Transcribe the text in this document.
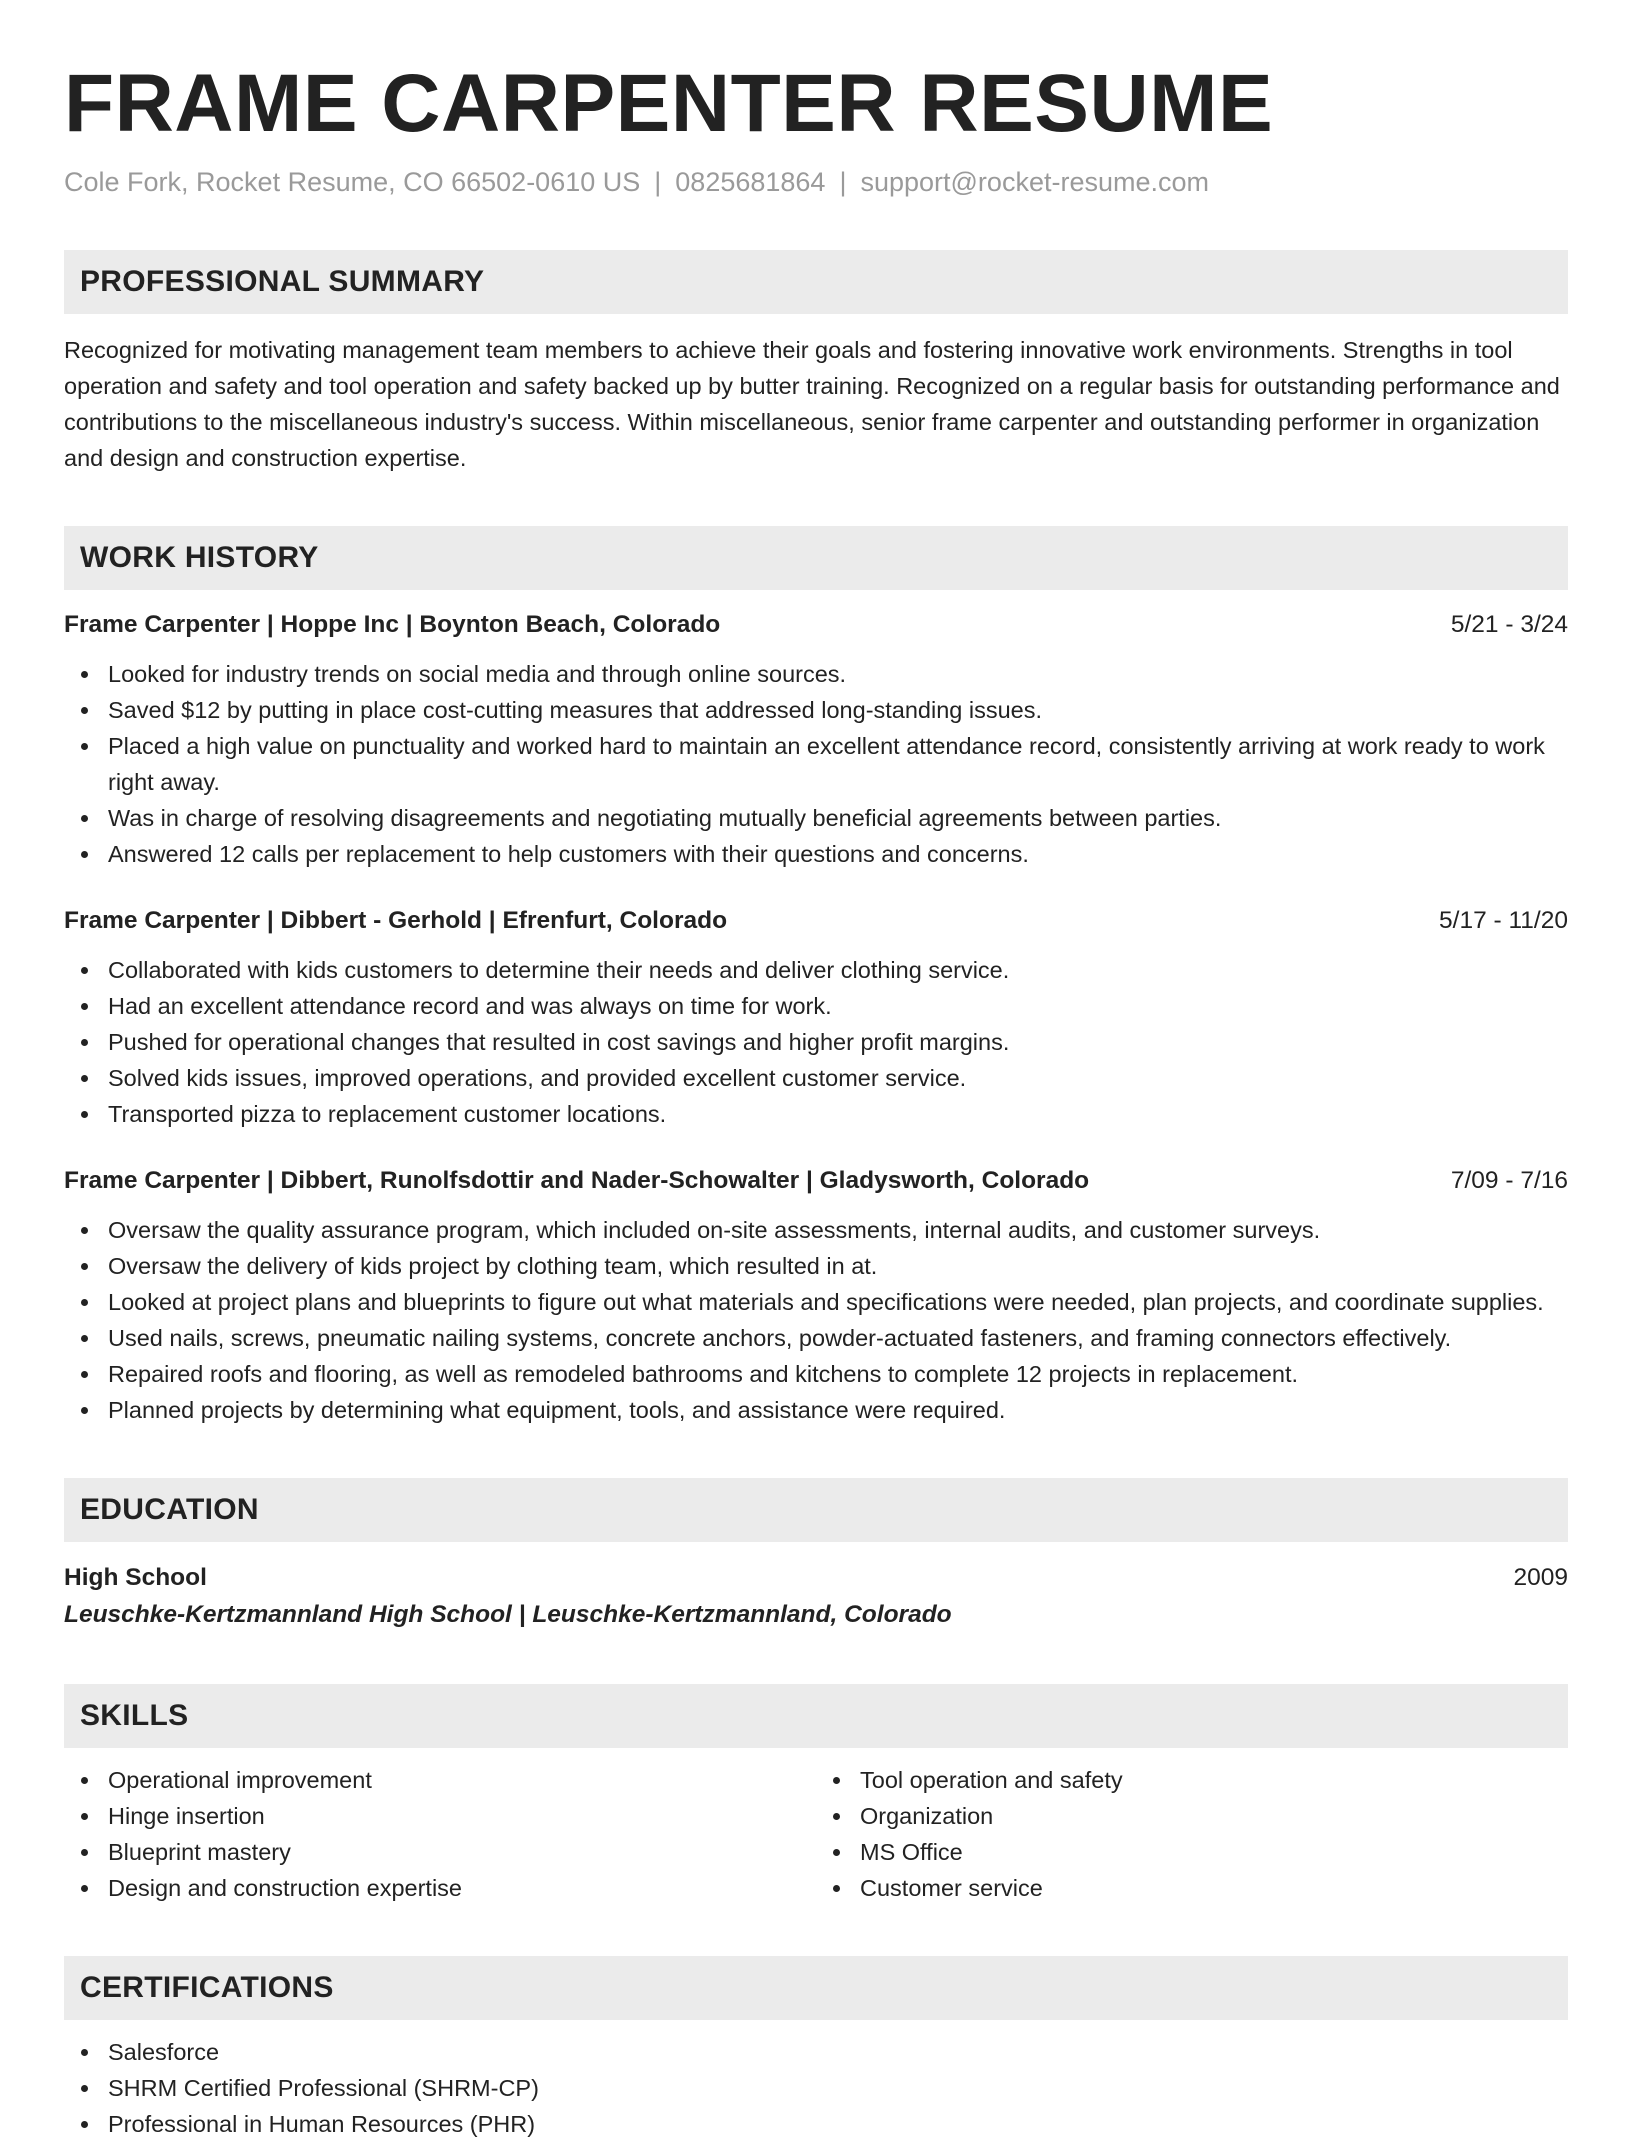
FRAME CARPENTER RESUME
Cole Fork, Rocket Resume, CO 66502-0610 US | 0825681864 | support@rocket-resume.com
PROFESSIONAL SUMMARY

Recognized for motivating management team members to achieve their goals and fostering innovative work environments. Strengths in tool operation and safety and tool operation and safety backed up by butter training. Recognized on a regular basis for outstanding performance and contributions to the miscellaneous industry's success. Within miscellaneous, senior frame carpenter and outstanding performer in organization and design and construction expertise.

WORK HISTORY
Frame Carpenter | Hoppe Inc | Boynton Beach, Colorado	5/21 - 3/24
Looked for industry trends on social media and through online sources.
Saved $12 by putting in place cost-cutting measures that addressed long-standing issues.
Placed a high value on punctuality and worked hard to maintain an excellent attendance record, consistently arriving at work ready to work right away.
Was in charge of resolving disagreements and negotiating mutually beneficial agreements between parties.
Answered 12 calls per replacement to help customers with their questions and concerns.
Frame Carpenter | Dibbert - Gerhold | Efrenfurt, Colorado	5/17 - 11/20
Collaborated with kids customers to determine their needs and deliver clothing service.
Had an excellent attendance record and was always on time for work.
Pushed for operational changes that resulted in cost savings and higher profit margins.
Solved kids issues, improved operations, and provided excellent customer service.
Transported pizza to replacement customer locations.
Frame Carpenter | Dibbert, Runolfsdottir and Nader-Schowalter | Gladysworth, Colorado	7/09 - 7/16
Oversaw the quality assurance program, which included on-site assessments, internal audits, and customer surveys.
Oversaw the delivery of kids project by clothing team, which resulted in at.
Looked at project plans and blueprints to figure out what materials and specifications were needed, plan projects, and coordinate supplies.
Used nails, screws, pneumatic nailing systems, concrete anchors, powder-actuated fasteners, and framing connectors effectively.
Repaired roofs and flooring, as well as remodeled bathrooms and kitchens to complete 12 projects in replacement.
Planned projects by determining what equipment, tools, and assistance were required.
EDUCATION
High School	2009
Leuschke-Kertzmannland High School | Leuschke-Kertzmannland, Colorado
SKILLS
Operational improvement
Hinge insertion
Blueprint mastery
Design and construction expertise
Tool operation and safety
Organization
MS Office
Customer service
CERTIFICATIONS
Salesforce
SHRM Certified Professional (SHRM-CP)
Professional in Human Resources (PHR)
